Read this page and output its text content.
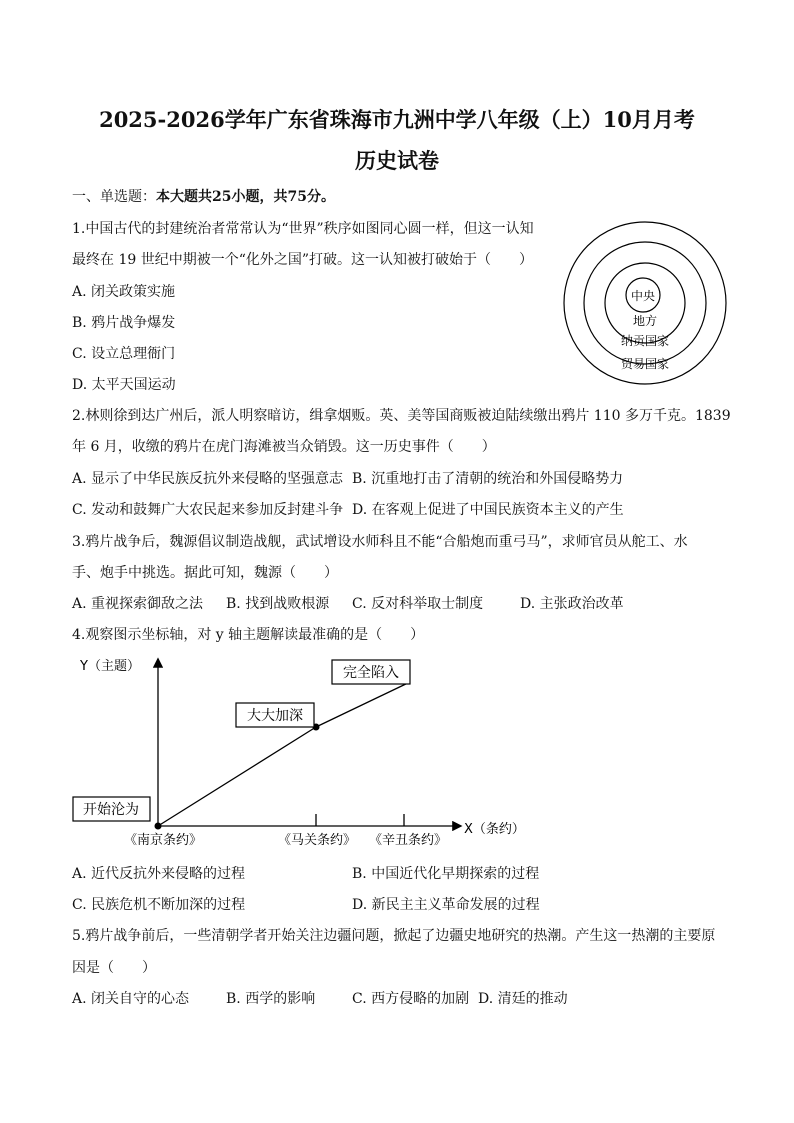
2025-2026学年广东省珠海市九洲中学八年级（上）10月月考
历史试卷
一、单选题：本大题共25小题，共75分。
1.中国古代的封建统治者常常认为“世界”秩序如图同心圆一样，但这一认知
最终在 19 世纪中期被一个“化外之国”打破。这一认知被打破始于（　　）
A. 闭关政策实施
B. 鸦片战争爆发
C. 设立总理衙门
D. 太平天国运动
中央
地方
纳贡国家
贸易国家
2.林则徐到达广州后，派人明察暗访，缉拿烟贩。英、美等国商贩被迫陆续缴出鸦片 110 多万千克。1839
年 6 月，收缴的鸦片在虎门海滩被当众销毁。这一历史事件（　　）
A. 显示了中华民族反抗外来侵略的坚强意志 B. 沉重地打击了清朝的统治和外国侵略势力
C. 发动和鼓舞广大农民起来参加反封建斗争 D. 在客观上促进了中国民族资本主义的产生
3.鸦片战争后，魏源倡议制造战舰，武试增设水师科且不能“合船炮而重弓马”，求师官员从舵工、水
手、炮手中挑选。据此可知，魏源（　　）
A. 重视探索御敌之法 B. 找到战败根源 C. 反对科举取士制度	D. 主张政治改革
4.观察图示坐标轴，对 y 轴主题解读最准确的是（　　）
Y（主题）
X（条约）
开始沦为
大大加深
完全陷入
《南京条约》	《马关条约》 《辛丑条约》
A. 近代反抗外来侵略的过程	B. 中国近代化早期探索的过程
C. 民族危机不断加深的过程	D. 新民主主义革命发展的过程
5.鸦片战争前后，一些清朝学者开始关注边疆问题，掀起了边疆史地研究的热潮。产生这一热潮的主要原
因是（　　）
A. 闭关自守的心态	B. 西学的影响	C. 西方侵略的加剧 D. 清廷的推动
